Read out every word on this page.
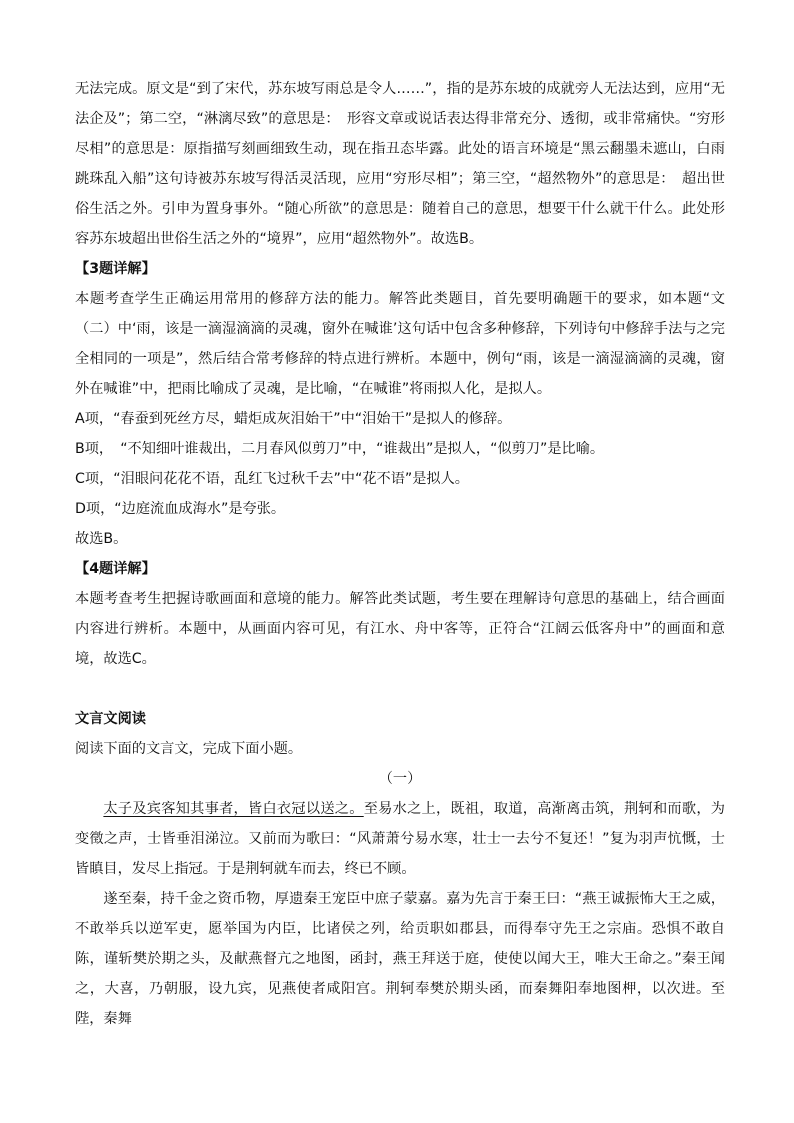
无法完成。原文是“到了宋代，苏东坡写雨总是令人……”，指的是苏东坡的成就旁人无法达到，应用“无法企及”；第二空，“淋漓尽致”的意思是：　形容文章或说话表达得非常充分、透彻，或非常痛快。“穷形尽相”的意思是：原指描写刻画细致生动，现在指丑态毕露。此处的语言环境是“黑云翻墨未遮山，白雨跳珠乱入船”这句诗被苏东坡写得活灵活现，应用“穷形尽相”；第三空，“超然物外”的意思是：　超出世俗生活之外。引申为置身事外。“随心所欲”的意思是：随着自己的意思，想要干什么就干什么。此处形容苏东坡超出世俗生活之外的“境界”，应用“超然物外”。故选B。

【3题详解】

本题考查学生正确运用常用的修辞方法的能力。解答此类题目，首先要明确题干的要求，如本题“文（二）中‘雨，该是一滴湿滴滴的灵魂，窗外在喊谁’这句话中包含多种修辞，下列诗句中修辞手法与之完全相同的一项是”，然后结合常考修辞的特点进行辨析。本题中，例句“雨，该是一滴湿滴滴的灵魂，窗外在喊谁”中，把雨比喻成了灵魂，是比喻，“在喊谁”将雨拟人化，是拟人。

A项，“春蚕到死丝方尽，蜡炬成灰泪始干”中“泪始干”是拟人的修辞。

B项，　“不知细叶谁裁出，二月春风似剪刀”中，“谁裁出”是拟人，“似剪刀”是比喻。

C项，“泪眼问花花不语，乱红飞过秋千去”中“花不语”是拟人。

D项，“边庭流血成海水”是夸张。

故选B。

【4题详解】

本题考查考生把握诗歌画面和意境的能力。解答此类试题，考生要在理解诗句意思的基础上，结合画面内容进行辨析。本题中，从画面内容可见，有江水、舟中客等，正符合“江阔云低客舟中”的画面和意境，故选C。

文言文阅读

阅读下面的文言文，完成下面小题。

（一）

太子及宾客知其事者，皆白衣冠以送之。至易水之上，既祖，取道，高渐离击筑，荆轲和而歌，为变徵之声，士皆垂泪涕泣。又前而为歌曰：“风萧萧兮易水寒，壮士一去兮不复还！”复为羽声忼慨，士皆瞋目，发尽上指冠。于是荆轲就车而去，终已不顾。

遂至秦，持千金之资币物，厚遗秦王宠臣中庶子蒙嘉。嘉为先言于秦王曰：“燕王诚振怖大王之威，不敢举兵以逆军吏，愿举国为内臣，比诸侯之列，给贡职如郡县，而得奉守先王之宗庙。恐惧不敢自陈，谨斩樊於期之头，及献燕督亢之地图，函封，燕王拜送于庭，使使以闻大王，唯大王命之。”秦王闻之，大喜，乃朝服，设九宾，见燕使者咸阳宫。荆轲奉樊於期头函，而秦舞阳奉地图柙，以次进。至陛，秦舞
